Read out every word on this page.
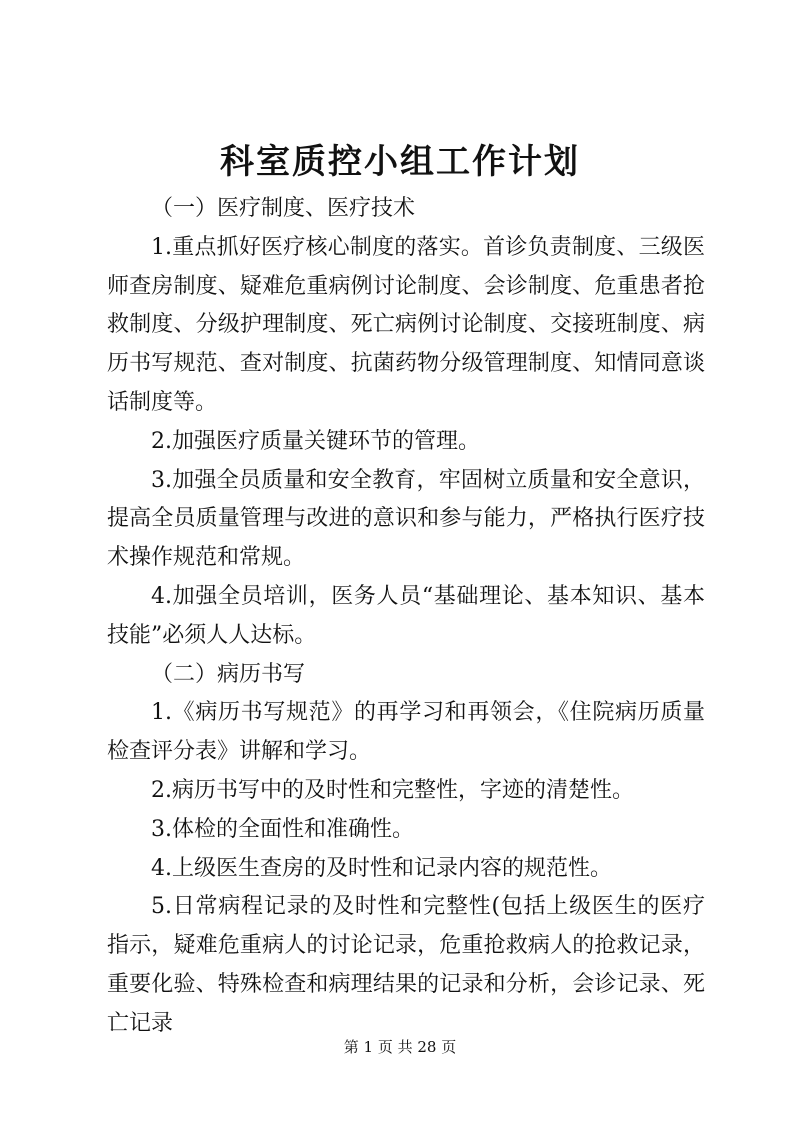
科室质控小组工作计划

（一）医疗制度、医疗技术

1.重点抓好医疗核心制度的落实。首诊负责制度、三级医师查房制度、疑难危重病例讨论制度、会诊制度、危重患者抢救制度、分级护理制度、死亡病例讨论制度、交接班制度、病历书写规范、查对制度、抗菌药物分级管理制度、知情同意谈话制度等。

2.加强医疗质量关键环节的管理。

3.加强全员质量和安全教育，牢固树立质量和安全意识，提高全员质量管理与改进的意识和参与能力，严格执行医疗技术操作规范和常规。

4.加强全员培训，医务人员“基础理论、基本知识、基本技能”必须人人达标。

（二）病历书写

1.《病历书写规范》的再学习和再领会，《住院病历质量检查评分表》讲解和学习。

2.病历书写中的及时性和完整性，字迹的清楚性。

3.体检的全面性和准确性。

4.上级医生查房的及时性和记录内容的规范性。

5.日常病程记录的及时性和完整性(包括上级医生的医疗指示，疑难危重病人的讨论记录，危重抢救病人的抢救记录，重要化验、特殊检查和病理结果的记录和分析，会诊记录、死亡记录

第 1 页 共 28 页
